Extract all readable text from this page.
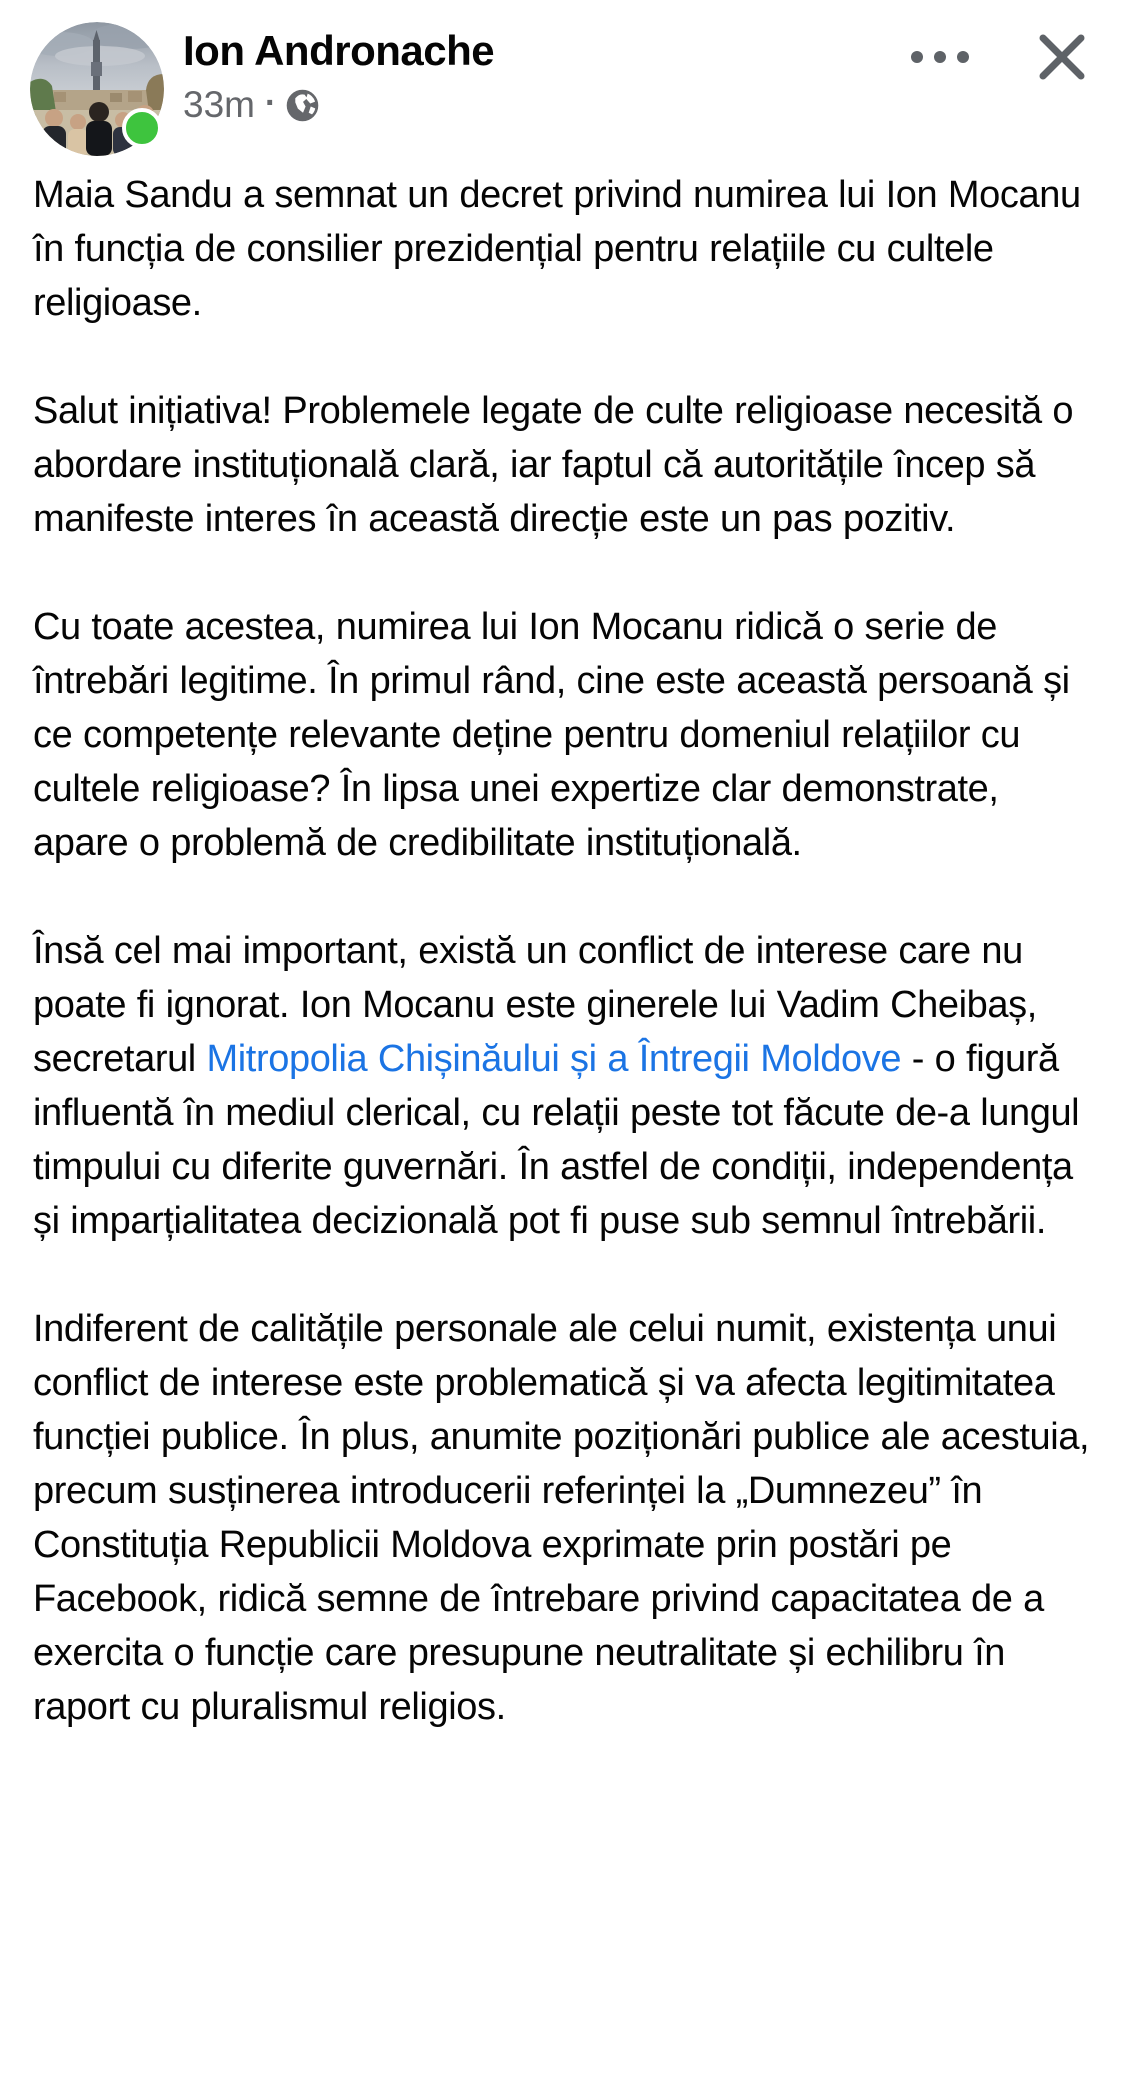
Ion Andronache
33m ·

Maia Sandu a semnat un decret privind numirea lui Ion Mocanu în funcția de consilier prezidențial pentru relațiile cu cultele religioase.

Salut inițiativa! Problemele legate de culte religioase necesită o abordare instituțională clară, iar faptul că autoritățile încep să manifeste interes în această direcție este un pas pozitiv.

Cu toate acestea, numirea lui Ion Mocanu ridică o serie de întrebări legitime. În primul rând, cine este această persoană și ce competențe relevante deține pentru domeniul relațiilor cu cultele religioase? În lipsa unei expertize clar demonstrate, apare o problemă de credibilitate instituțională.

Însă cel mai important, există un conflict de interese care nu poate fi ignorat. Ion Mocanu este ginerele lui Vadim Cheibaș, secretarul Mitropolia Chișinăului și a Întregii Moldove - o figură influentă în mediul clerical, cu relații peste tot făcute de-a lungul timpului cu diferite guvernări. În astfel de condiții, independența și imparțialitatea decizională pot fi puse sub semnul întrebării.

Indiferent de calitățile personale ale celui numit, existența unui conflict de interese este problematică și va afecta legitimitatea funcției publice. În plus, anumite poziționări publice ale acestuia, precum susținerea introducerii referinței la „Dumnezeu” în Constituția Republicii Moldova exprimate prin postări pe Facebook, ridică semne de întrebare privind capacitatea de a exercita o funcție care presupune neutralitate și echilibru în raport cu pluralismul religios.
